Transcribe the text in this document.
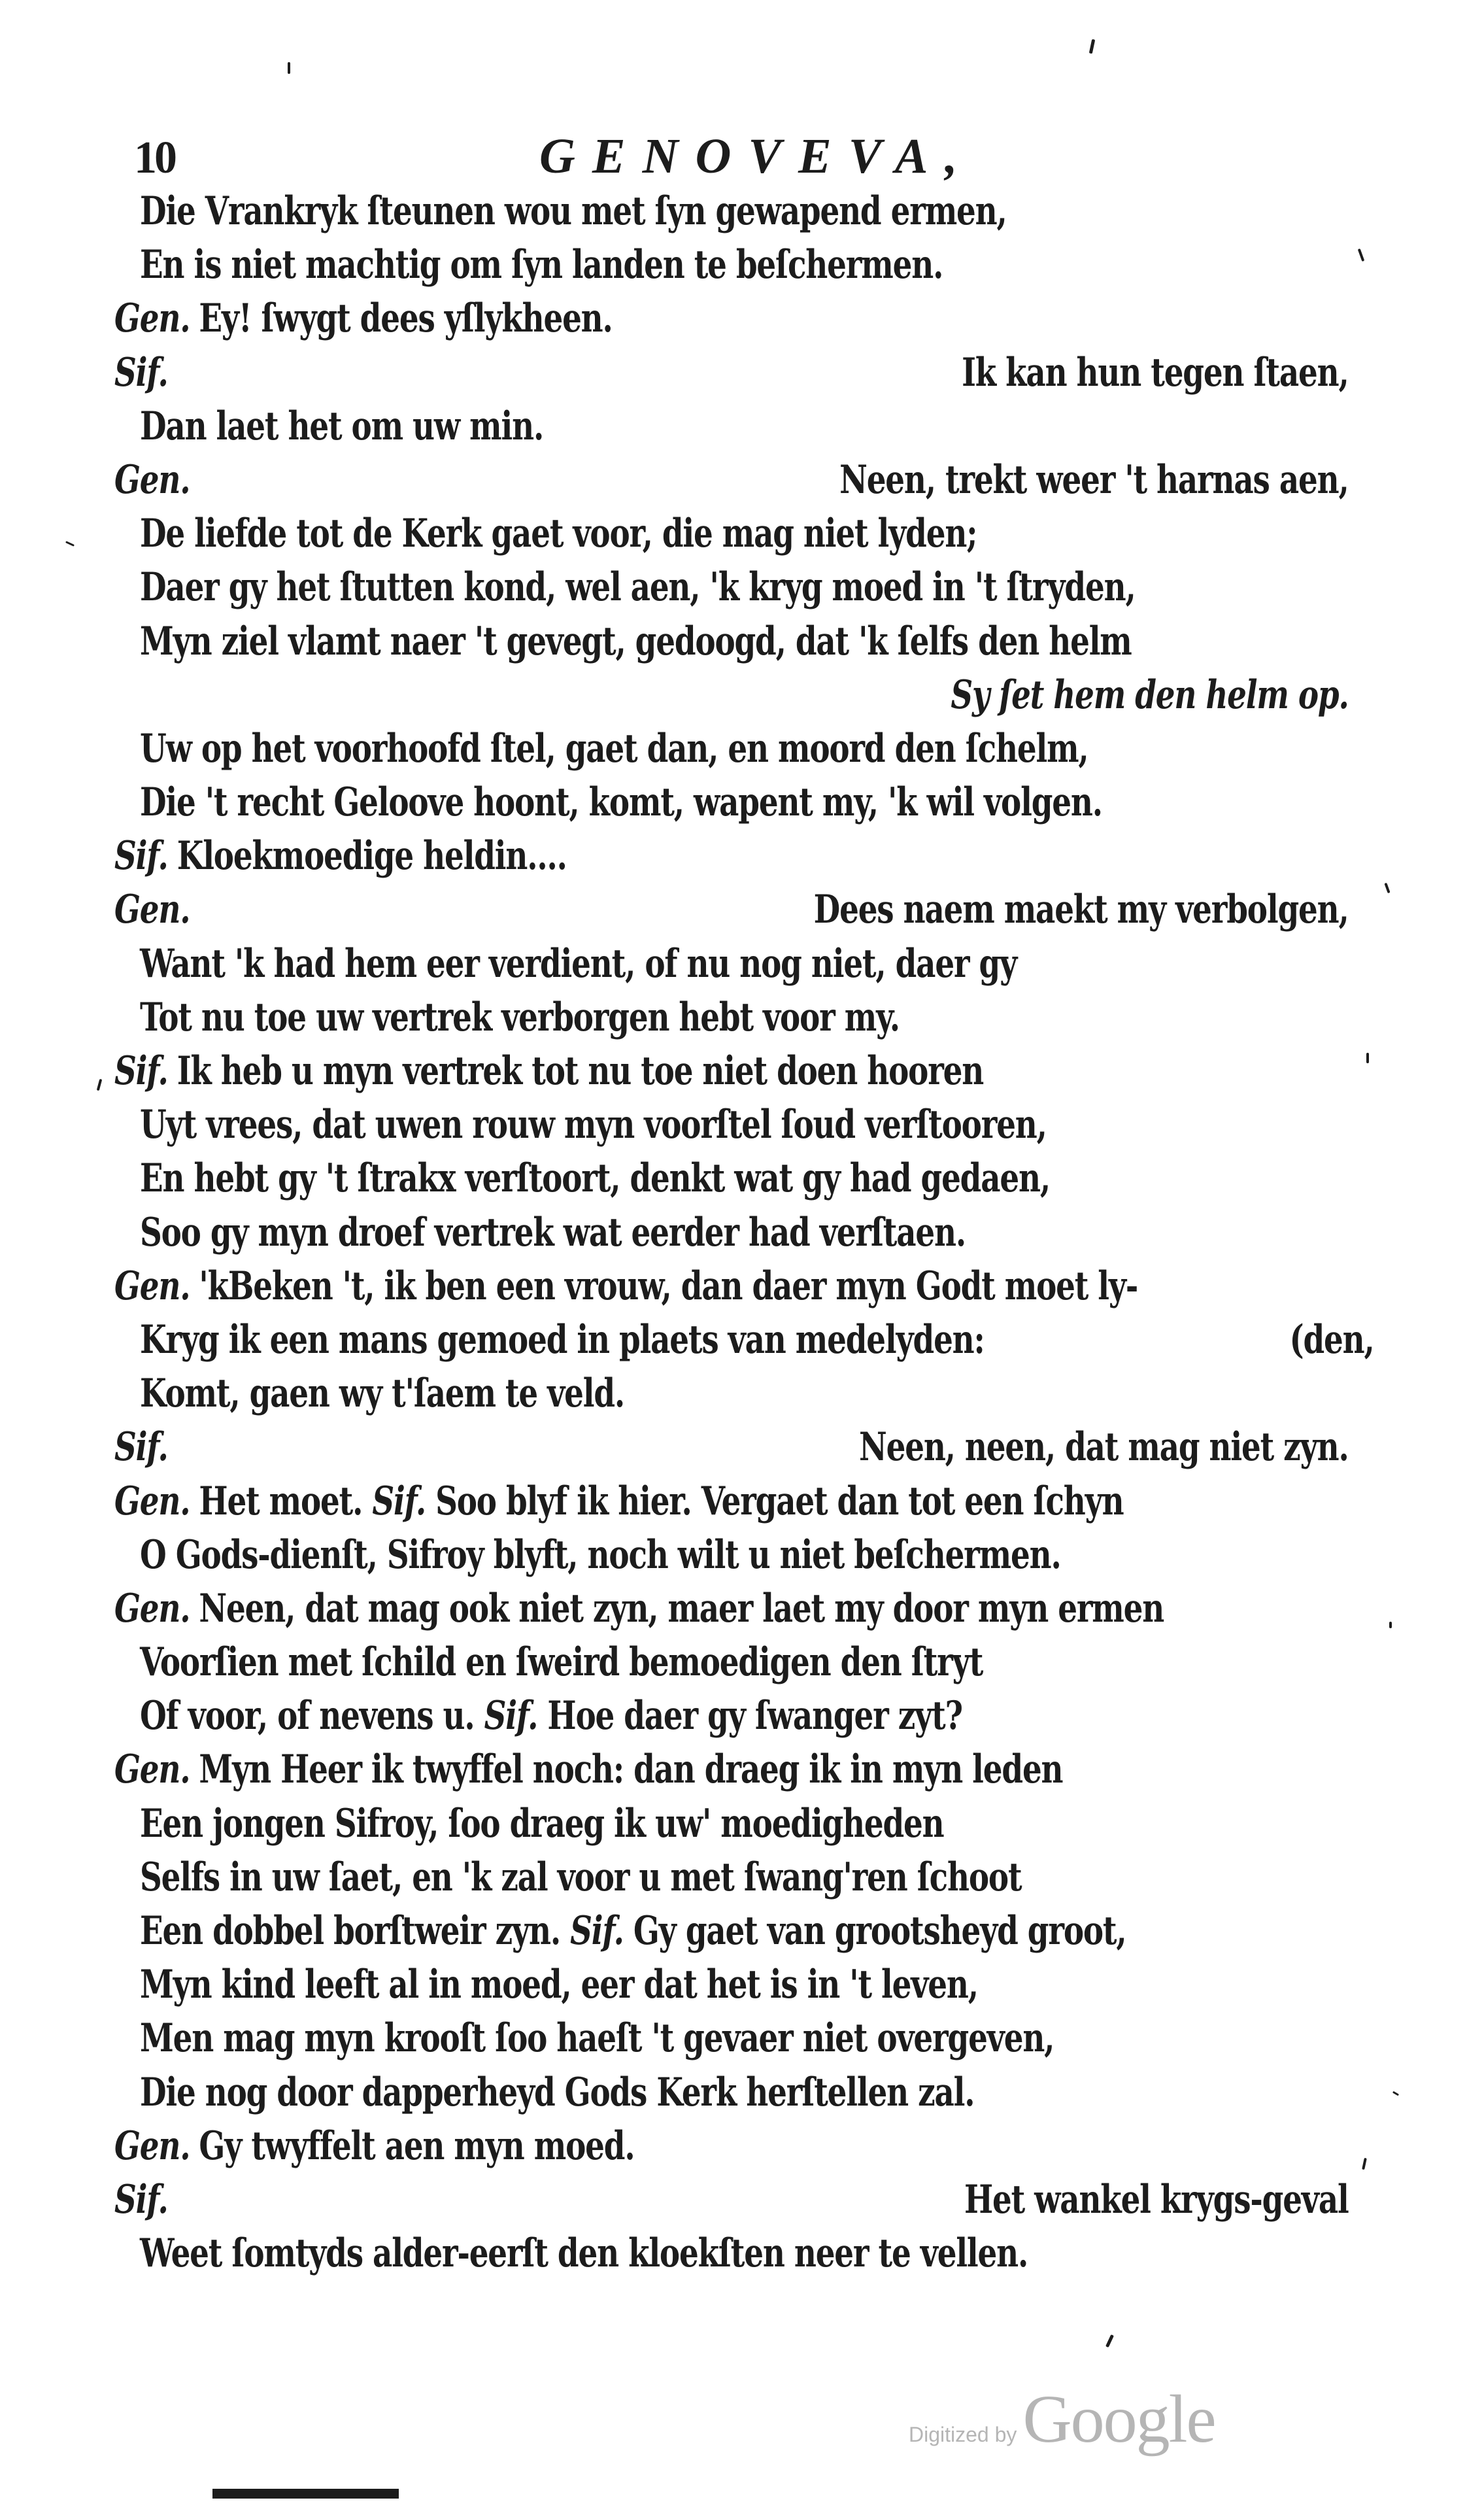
10	GENOVEVA,
Die Vrankryk ſteunen wou met ſyn gewapend ermen,
En is niet machtig om ſyn landen te beſchermen.
Gen. Ey! ſwygt dees yſlykheen.
Sif.	Ik kan hun tegen ſtaen,
Dan laet het om uw min.
Gen.	Neen, trekt weer 't harnas aen,
De liefde tot de Kerk gaet voor, die mag niet lyden;
Daer gy het ſtutten kond, wel aen, 'k kryg moed in 't ſtryden,
Myn ziel vlamt naer 't gevegt, gedoogd, dat 'k ſelfs den helm
Sy ſet hem den helm op.
Uw op het voorhoofd ſtel, gaet dan, en moord den ſchelm,
Die 't recht Geloove hoont, komt, wapent my, 'k wil volgen.
Sif. Kloekmoedige heldin....
Gen.	Dees naem maekt my verbolgen,
Want 'k had hem eer verdient, of nu nog niet, daer gy
Tot nu toe uw vertrek verborgen hebt voor my.
Sif. Ik heb u myn vertrek tot nu toe niet doen hooren
Uyt vrees, dat uwen rouw myn voorſtel ſoud verſtooren,
En hebt gy 't ſtrakx verſtoort, denkt wat gy had gedaen,
Soo gy myn droef vertrek wat eerder had verſtaen.
Gen. 'kBeken 't, ik ben een vrouw, dan daer myn Godt moet ly-
Kryg ik een mans gemoed in plaets van medelyden:	(den,
Komt, gaen wy t'ſaem te veld.
Sif.	Neen, neen, dat mag niet zyn.
Gen. Het moet. Sif. Soo blyf ik hier. Vergaet dan tot een ſchyn
O Gods-dienſt, Sifroy blyft, noch wilt u niet beſchermen.
Gen. Neen, dat mag ook niet zyn, maer laet my door myn ermen
Voorſien met ſchild en ſweird bemoedigen den ſtryt
Of voor, of nevens u. Sif. Hoe daer gy ſwanger zyt?
Gen. Myn Heer ik twyffel noch: dan draeg ik in myn leden
Een jongen Sifroy, ſoo draeg ik uw' moedigheden
Selfs in uw ſaet, en 'k zal voor u met ſwang'ren ſchoot
Een dobbel borſtweir zyn. Sif. Gy gaet van grootsheyd groot,
Myn kind leeft al in moed, eer dat het is in 't leven,
Men mag myn krooſt ſoo haeſt 't gevaer niet overgeven,
Die nog door dapperheyd Gods Kerk herſtellen zal.
Gen. Gy twyffelt aen myn moed.
Sif.	Het wankel krygs-geval
Weet ſomtyds alder-eerſt den kloekſten neer te vellen.
Digitized by Google
